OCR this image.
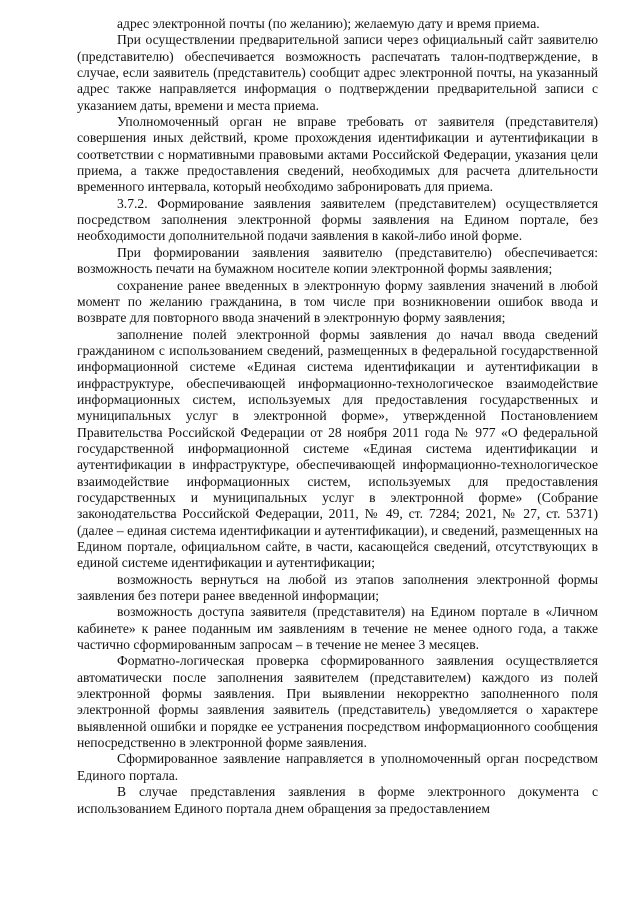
адрес электронной почты (по желанию); желаемую дату и время приема.

При осуществлении предварительной записи через официальный сайт заявителю (представителю) обеспечивается возможность распечатать талон-подтверждение, в случае, если заявитель (представитель) сообщит адрес электронной почты, на указанный адрес также направляется информация о подтверждении предварительной записи с указанием даты, времени и места приема.

Уполномоченный орган не вправе требовать от заявителя (представителя) совершения иных действий, кроме прохождения идентификации и аутентификации в соответствии с нормативными правовыми актами Российской Федерации, указания цели приема, а также предоставления сведений, необходимых для расчета длительности временного интервала, который необходимо забронировать для приема.

3.7.2. Формирование заявления заявителем (представителем) осуществляется посредством заполнения электронной формы заявления на Едином портале, без необходимости дополнительной подачи заявления в какой-либо иной форме.

При формировании заявления заявителю (представителю) обеспечивается: возможность печати на бумажном носителе копии электронной формы заявления;

сохранение ранее введенных в электронную форму заявления значений в любой момент по желанию гражданина, в том числе при возникновении ошибок ввода и возврате для повторного ввода значений в электронную форму заявления;

заполнение полей электронной формы заявления до начал ввода сведений гражданином с использованием сведений, размещенных в федеральной государственной информационной системе «Единая система идентификации и аутентификации в инфраструктуре, обеспечивающей информационно-технологическое взаимодействие информационных систем, используемых для предоставления государственных и муниципальных услуг в электронной форме», утвержденной Постановлением Правительства Российской Федерации от 28 ноября 2011 года № 977 «О федеральной государственной информационной системе «Единая система идентификации и аутентификации в инфраструктуре, обеспечивающей информационно-технологическое взаимодействие информационных систем, используемых для предоставления государственных и муниципальных услуг в электронной форме» (Собрание законодательства Российской Федерации, 2011, № 49, ст. 7284; 2021, № 27, ст. 5371) (далее – единая система идентификации и аутентификации), и сведений, размещенных на Едином портале, официальном сайте, в части, касающейся сведений, отсутствующих в единой системе идентификации и аутентификации;

возможность вернуться на любой из этапов заполнения электронной формы заявления без потери ранее введенной информации;

возможность доступа заявителя (представителя) на Едином портале в «Личном кабинете» к ранее поданным им заявлениям в течение не менее одного года, а также частично сформированным запросам – в течение не менее 3 месяцев.

Форматно-логическая проверка сформированного заявления осуществляется автоматически после заполнения заявителем (представителем) каждого из полей электронной формы заявления. При выявлении некорректно заполненного поля электронной формы заявления заявитель (представитель) уведомляется о характере выявленной ошибки и порядке ее устранения посредством информационного сообщения непосредственно в электронной форме заявления.

Сформированное заявление направляется в уполномоченный орган посредством Единого портала.

В случае представления заявления в форме электронного документа с использованием Единого портала днем обращения за предоставлением
